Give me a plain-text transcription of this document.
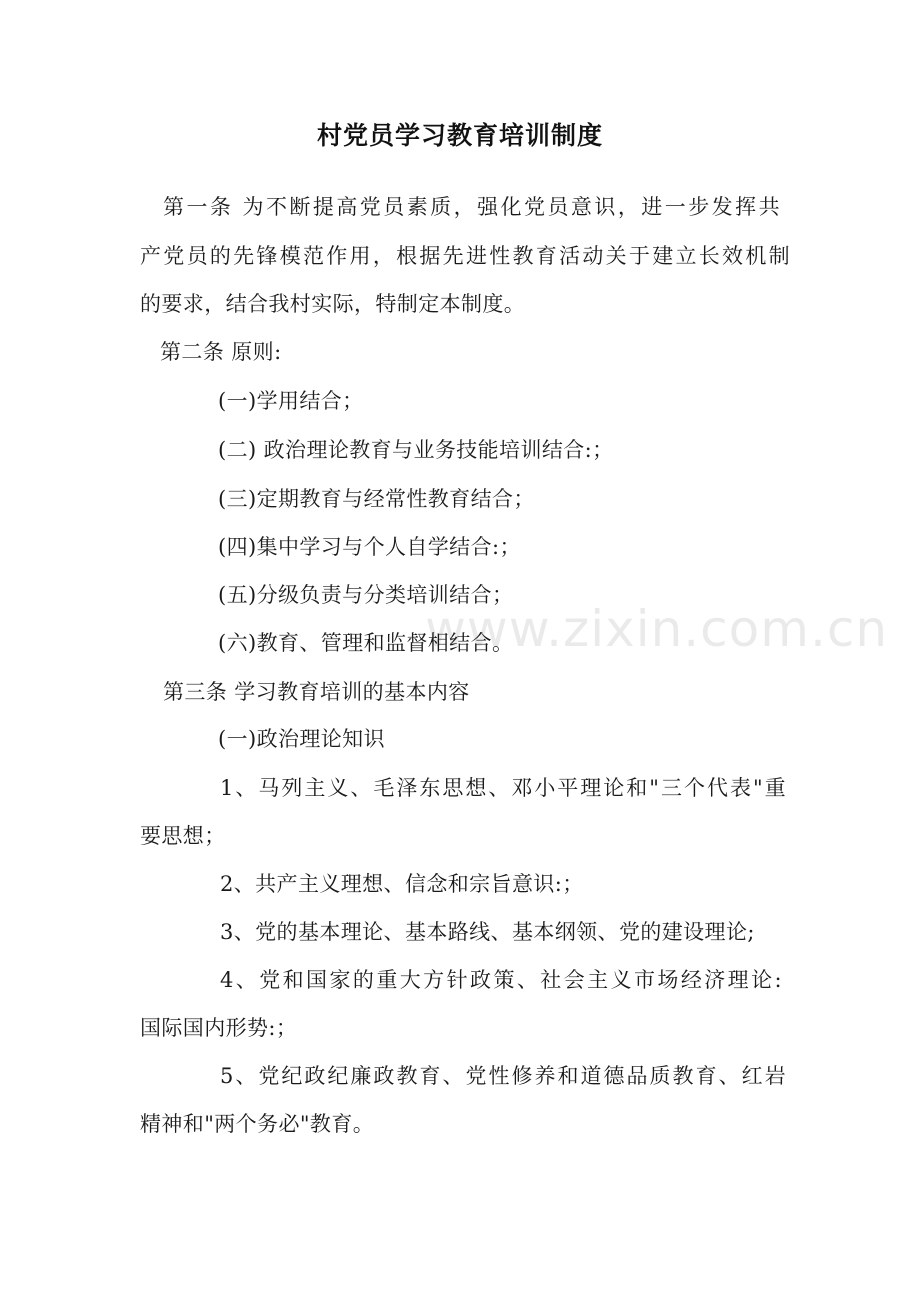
www.zixin.com.cn
村党员学习教育培训制度
第一条 为不断提高党员素质，强化党员意识，进一步发挥共
产党员的先锋模范作用，根据先进性教育活动关于建立长效机制
的要求，结合我村实际，特制定本制度。
第二条 原则:
(一)学用结合；
(二) 政治理论教育与业务技能培训结合:；
(三)定期教育与经常性教育结合；
(四)集中学习与个人自学结合:；
(五)分级负责与分类培训结合；
(六)教育、管理和监督相结合。
第三条 学习教育培训的基本内容
(一)政治理论知识
1、马列主义、毛泽东思想、邓小平理论和"三个代表"重
要思想；
2、共产主义理想、信念和宗旨意识:；
3、党的基本理论、基本路线、基本纲领、党的建设理论;
4、党和国家的重大方针政策、社会主义市场经济理论:
国际国内形势:；
5、党纪政纪廉政教育、党性修养和道德品质教育、红岩
精神和"两个务必"教育。
